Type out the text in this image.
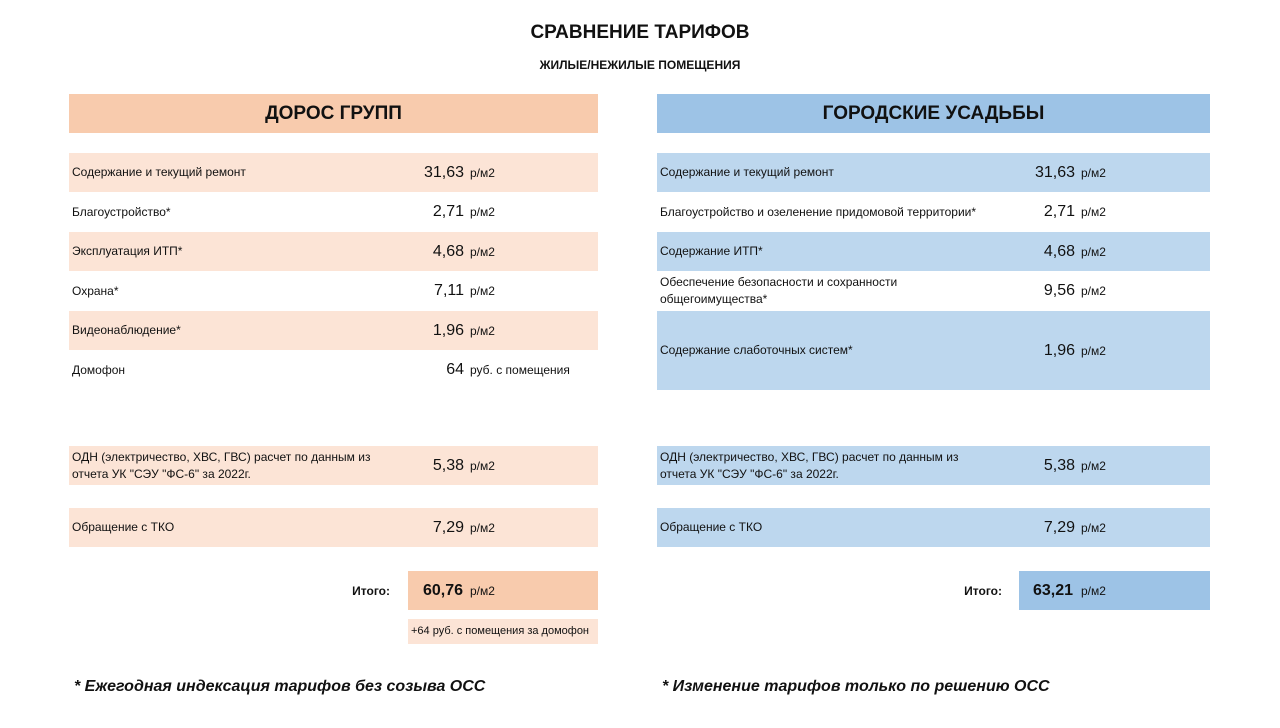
СРАВНЕНИЕ ТАРИФОВ
ЖИЛЫЕ/НЕЖИЛЫЕ ПОМЕЩЕНИЯ
ДОРОС ГРУПП
Содержание и текущий ремонт	31,63 р/м2
Благоустройство*	2,71 р/м2
Эксплуатация ИТП*	4,68 р/м2
Охрана*	7,11 р/м2
Видеонаблюдение*	1,96 р/м2
Домофон	64 руб. с помещения
ОДН (электричество, ХВС, ГВС) расчет по данным из отчета УК "СЭУ "ФС-6" за 2022г.	5,38 р/м2
Обращение с ТКО	7,29 р/м2
Итого: 60,76 р/м2
+64 руб. с помещения за домофон
ГОРОДСКИЕ УСАДЬБЫ
Содержание и текущий ремонт	31,63 р/м2
Благоустройство и озеленение придомовой территории*	2,71 р/м2
Содержание ИТП*	4,68 р/м2
Обеспечение безопасности и сохранности общегоимущества*	9,56 р/м2
Содержание слаботочных систем*	1,96 р/м2
ОДН (электричество, ХВС, ГВС) расчет по данным из отчета УК "СЭУ "ФС-6" за 2022г.	5,38 р/м2
Обращение с ТКО	7,29 р/м2
Итого: 63,21 р/м2
* Ежегодная индексация тарифов без созыва ОСС	* Изменение тарифов только по решению ОСС
